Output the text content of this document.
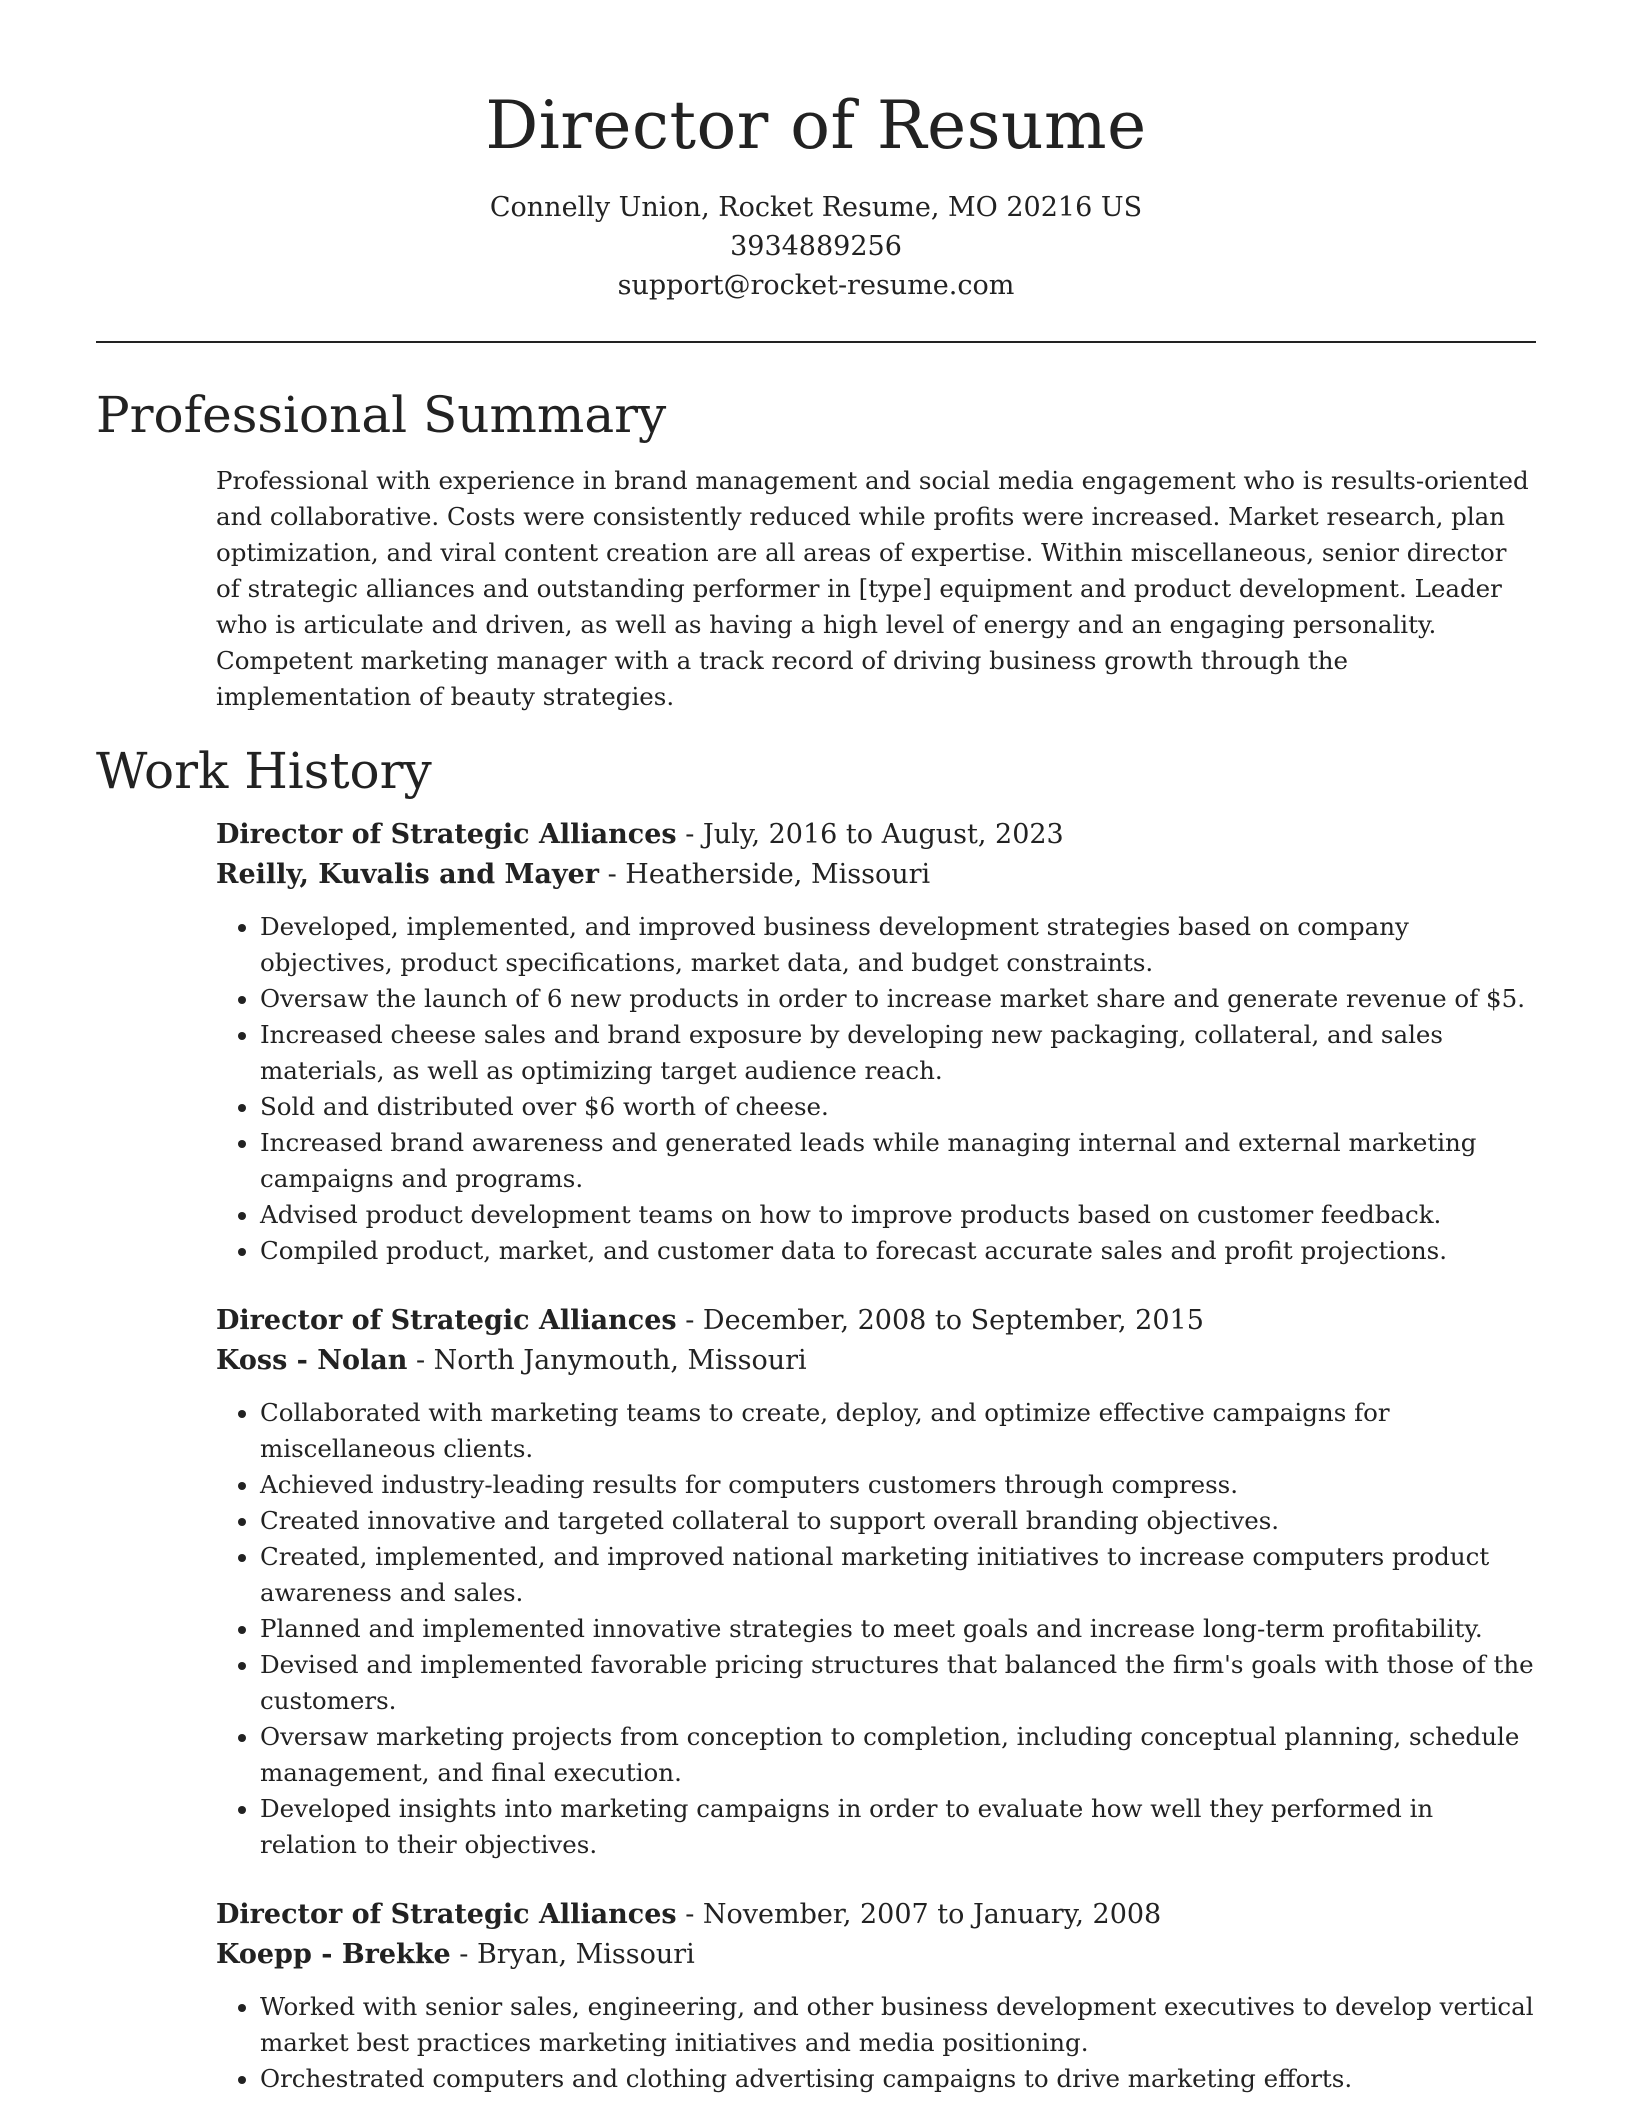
Director of Resume
Connelly Union, Rocket Resume, MO 20216 US
3934889256
support@rocket-resume.com
Professional Summary

Professional with experience in brand management and social media engagement who is results-oriented and collaborative. Costs were consistently reduced while profits were increased. Market research, plan optimization, and viral content creation are all areas of expertise. Within miscellaneous, senior director of strategic alliances and outstanding performer in [type] equipment and product development. Leader who is articulate and driven, as well as having a high level of energy and an engaging personality. Competent marketing manager with a track record of driving business growth through the implementation of beauty strategies.

Work History
Director of Strategic Alliances - July, 2016 to August, 2023
Reilly, Kuvalis and Mayer - Heatherside, Missouri
• Developed, implemented, and improved business development strategies based on company objectives, product specifications, market data, and budget constraints.
• Oversaw the launch of 6 new products in order to increase market share and generate revenue of $5.
• Increased cheese sales and brand exposure by developing new packaging, collateral, and sales materials, as well as optimizing target audience reach.
• Sold and distributed over $6 worth of cheese.
• Increased brand awareness and generated leads while managing internal and external marketing campaigns and programs.
• Advised product development teams on how to improve products based on customer feedback.
• Compiled product, market, and customer data to forecast accurate sales and profit projections.
Director of Strategic Alliances - December, 2008 to September, 2015
Koss - Nolan - North Janymouth, Missouri
• Collaborated with marketing teams to create, deploy, and optimize effective campaigns for miscellaneous clients.
• Achieved industry-leading results for computers customers through compress.
• Created innovative and targeted collateral to support overall branding objectives.
• Created, implemented, and improved national marketing initiatives to increase computers product awareness and sales.
• Planned and implemented innovative strategies to meet goals and increase long-term profitability.
• Devised and implemented favorable pricing structures that balanced the firm's goals with those of the customers.
• Oversaw marketing projects from conception to completion, including conceptual planning, schedule management, and final execution.
• Developed insights into marketing campaigns in order to evaluate how well they performed in relation to their objectives.
Director of Strategic Alliances - November, 2007 to January, 2008
Koepp - Brekke - Bryan, Missouri
• Worked with senior sales, engineering, and other business development executives to develop vertical market best practices marketing initiatives and media positioning.
• Orchestrated computers and clothing advertising campaigns to drive marketing efforts.
